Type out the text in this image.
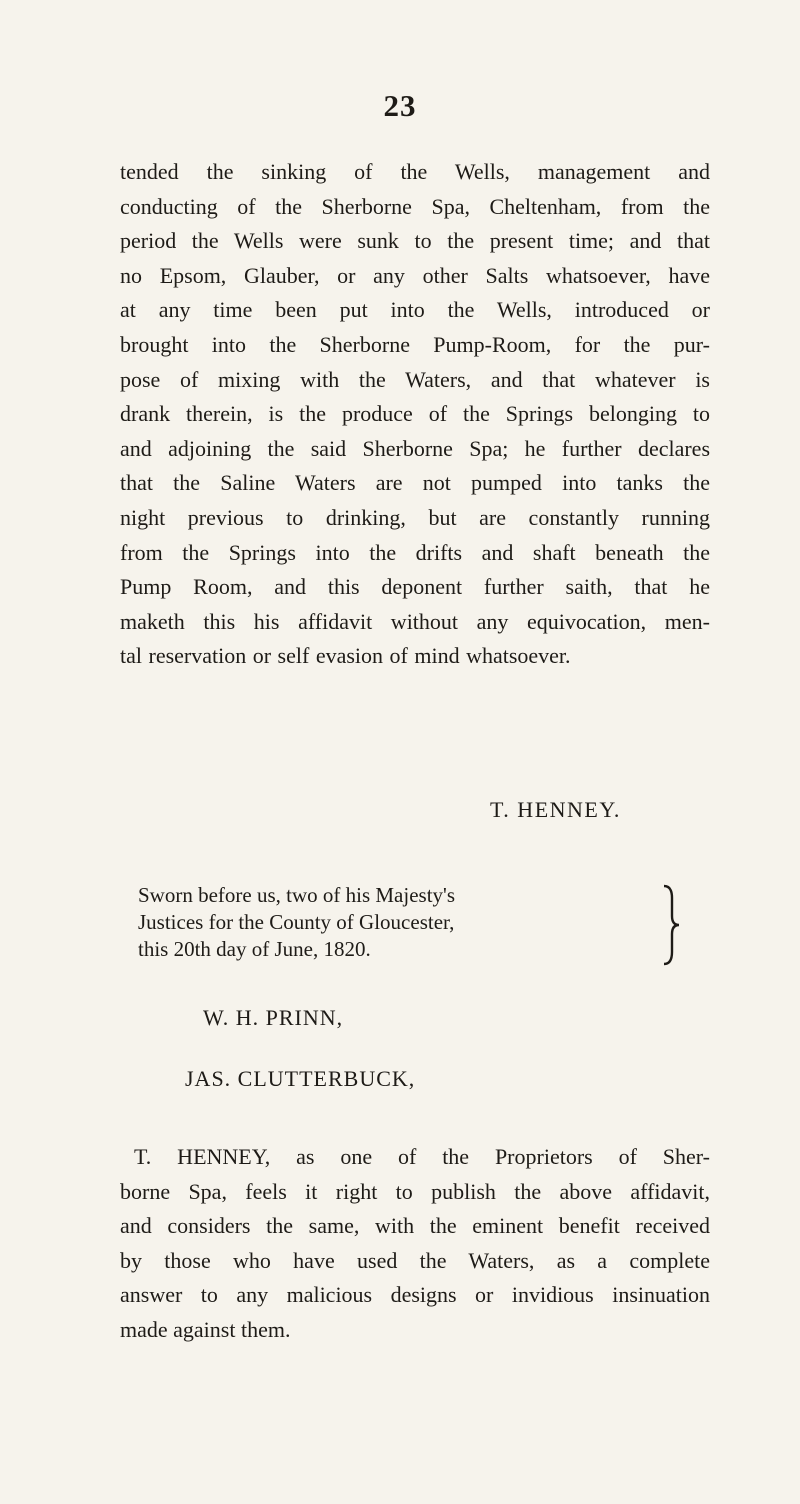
23
tended the sinking of the Wells, management and
conducting of the Sherborne Spa, Cheltenham, from the
period the Wells were sunk to the present time; and that
no Epsom, Glauber, or any other Salts whatsoever, have
at any time been put into the Wells, introduced or
brought into the Sherborne Pump-Room, for the pur-
pose of mixing with the Waters, and that whatever is
drank therein, is the produce of the Springs belonging to
and adjoining the said Sherborne Spa; he further declares
that the Saline Waters are not pumped into tanks the
night previous to drinking, but are constantly running
from the Springs into the drifts and shaft beneath the
Pump Room, and this deponent further saith, that he
maketh this his affidavit without any equivocation, men-
tal reservation or self evasion of mind whatsoever.
T. HENNEY.
Sworn before us, two of his Majesty's
Justices for the County of Gloucester,
this 20th day of June, 1820.
W. H. PRINN,
JAS. CLUTTERBUCK,
T. HENNEY, as one of the Proprietors of Sher-
borne Spa, feels it right to publish the above affidavit,
and considers the same, with the eminent benefit received
by those who have used the Waters, as a complete
answer to any malicious designs or invidious insinuation
made against them.
